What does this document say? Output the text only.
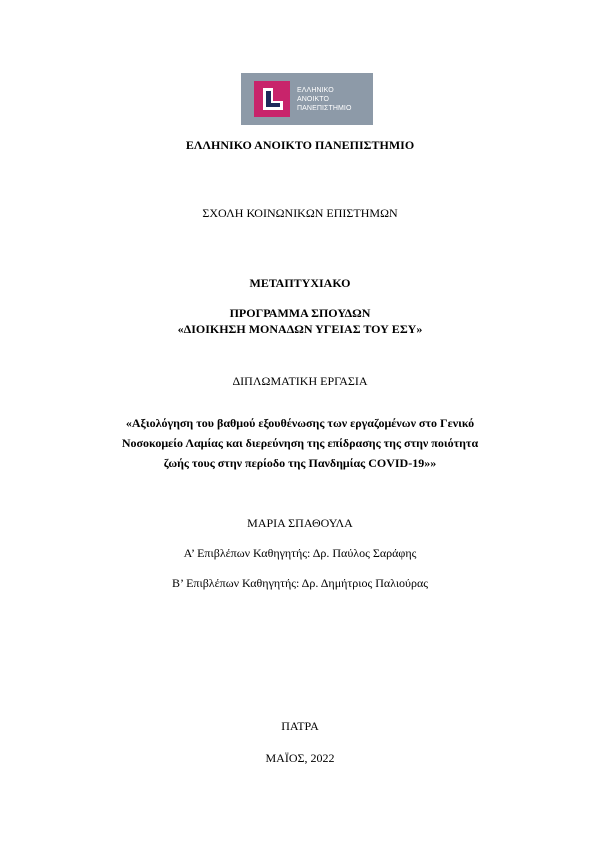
ΕΛΛΗΝΙΚΟ
ΑΝΟΙΚΤΟ
ΠΑΝΕΠΙΣΤΗΜΙΟ
ΕΛΛΗΝΙΚΟ ΑΝΟΙΚΤΟ ΠΑΝΕΠΙΣΤΗΜΙΟ
ΣΧΟΛΗ ΚΟΙΝΩΝΙΚΩΝ ΕΠΙΣΤΗΜΩΝ
ΜΕΤΑΠΤΥΧΙΑΚΟ
ΠΡΟΓΡΑΜΜΑ ΣΠΟΥΔΩΝ
«ΔΙΟΙΚΗΣΗ ΜΟΝΑΔΩΝ ΥΓΕΙΑΣ ΤΟΥ ΕΣΥ»
ΔΙΠΛΩΜΑΤΙΚΗ ΕΡΓΑΣΙΑ
«Αξιολόγηση του βαθμού εξουθένωσης των εργαζομένων στο Γενικό
Νοσοκομείο Λαμίας και διερεύνηση της επίδρασης της στην ποιότητα
ζωής τους στην περίοδο της Πανδημίας COVID-19»»
ΜΑΡΙΑ ΣΠΑΘΟΥΛΑ
Α’ Επιβλέπων Καθηγητής: Δρ. Παύλος Σαράφης
Β’ Επιβλέπων Καθηγητής: Δρ. Δημήτριος Παλιούρας
ΠΑΤΡΑ
ΜΑΪΟΣ, 2022
